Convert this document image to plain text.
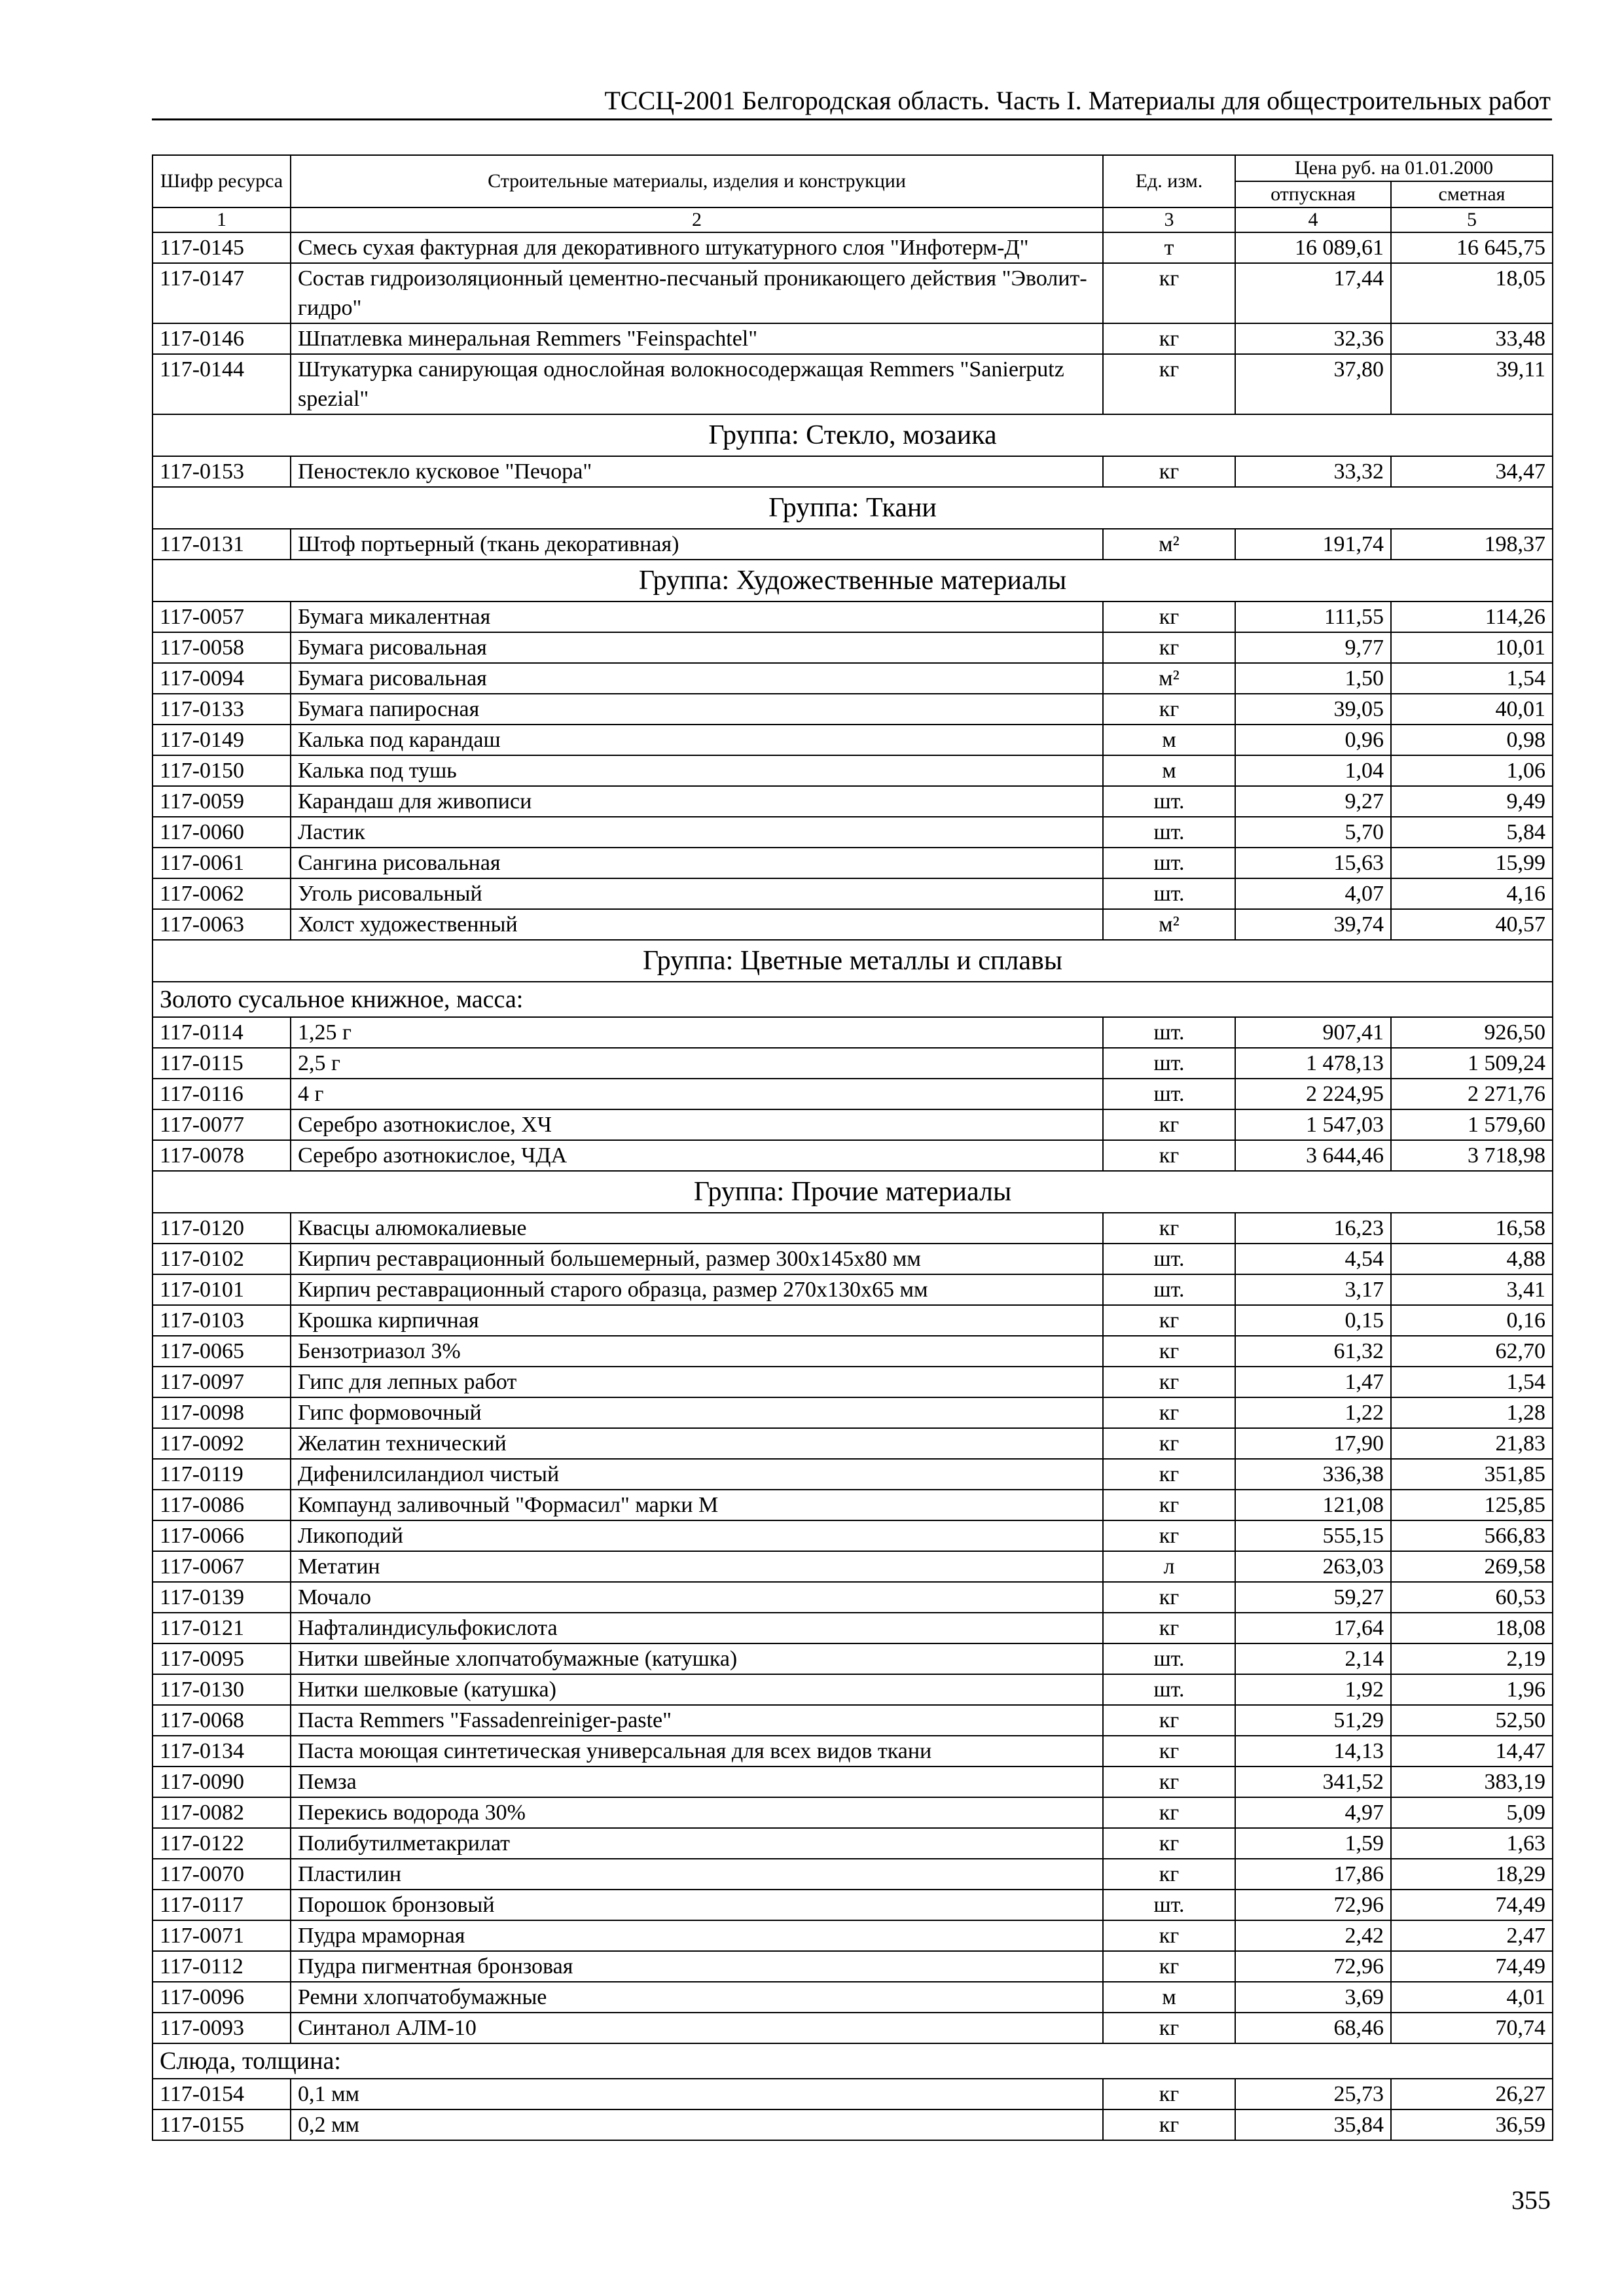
ТССЦ-2001 Белгородская область. Часть I. Материалы для общестроительных работ
Шифр ресурса	Строительные материалы, изделия и конструкции	Ед. изм.	Цена руб. на 01.01.2000	
			отпускная	сметная
1	2	3	4	5
117-0145	Смесь сухая фактурная для декоративного штукатурного слоя "Инфотерм-Д"	т	16 089,61	16 645,75
117-0147	Состав гидроизоляционный цементно-песчаный проникающего действия "Эволит-гидро"	кг	17,44	18,05
117-0146	Шпатлевка минеральная Remmers "Feinspachtel"	кг	32,36	33,48
117-0144	Штукатурка санирующая однослойная волокносодержащая Remmers "Sanierputz spezial"	кг	37,80	39,11
Группа: Стекло, мозаика				
117-0153	Пеностекло кусковое "Печора"	кг	33,32	34,47
Группа: Ткани				
117-0131	Штоф портьерный (ткань декоративная)	м²	191,74	198,37
Группа: Художественные материалы				
117-0057	Бумага микалентная	кг	111,55	114,26
117-0058	Бумага рисовальная	кг	9,77	10,01
117-0094	Бумага рисовальная	м²	1,50	1,54
117-0133	Бумага папиросная	кг	39,05	40,01
117-0149	Калька под карандаш	м	0,96	0,98
117-0150	Калька под тушь	м	1,04	1,06
117-0059	Карандаш для живописи	шт.	9,27	9,49
117-0060	Ластик	шт.	5,70	5,84
117-0061	Сангина рисовальная	шт.	15,63	15,99
117-0062	Уголь рисовальный	шт.	4,07	4,16
117-0063	Холст художественный	м²	39,74	40,57
Группа: Цветные металлы и сплавы				
Золото сусальное книжное, масса:				
117-0114	1,25 г	шт.	907,41	926,50
117-0115	2,5 г	шт.	1 478,13	1 509,24
117-0116	4 г	шт.	2 224,95	2 271,76
117-0077	Серебро азотнокислое, ХЧ	кг	1 547,03	1 579,60
117-0078	Серебро азотнокислое, ЧДА	кг	3 644,46	3 718,98
Группа: Прочие материалы				
117-0120	Квасцы алюмокалиевые	кг	16,23	16,58
117-0102	Кирпич реставрационный большемерный, размер 300х145х80 мм	шт.	4,54	4,88
117-0101	Кирпич реставрационный старого образца, размер 270х130х65 мм	шт.	3,17	3,41
117-0103	Крошка кирпичная	кг	0,15	0,16
117-0065	Бензотриазол 3%	кг	61,32	62,70
117-0097	Гипс для лепных работ	кг	1,47	1,54
117-0098	Гипс формовочный	кг	1,22	1,28
117-0092	Желатин технический	кг	17,90	21,83
117-0119	Дифенилсиландиол чистый	кг	336,38	351,85
117-0086	Компаунд заливочный "Формасил" марки М	кг	121,08	125,85
117-0066	Ликоподий	кг	555,15	566,83
117-0067	Метатин	л	263,03	269,58
117-0139	Мочало	кг	59,27	60,53
117-0121	Нафталиндисульфокислота	кг	17,64	18,08
117-0095	Нитки швейные хлопчатобумажные (катушка)	шт.	2,14	2,19
117-0130	Нитки шелковые (катушка)	шт.	1,92	1,96
117-0068	Паста Remmers "Fassadenreiniger-paste"	кг	51,29	52,50
117-0134	Паста моющая синтетическая универсальная для всех видов ткани	кг	14,13	14,47
117-0090	Пемза	кг	341,52	383,19
117-0082	Перекись водорода 30%	кг	4,97	5,09
117-0122	Полибутилметакрилат	кг	1,59	1,63
117-0070	Пластилин	кг	17,86	18,29
117-0117	Порошок бронзовый	шт.	72,96	74,49
117-0071	Пудра мраморная	кг	2,42	2,47
117-0112	Пудра пигментная бронзовая	кг	72,96	74,49
117-0096	Ремни хлопчатобумажные	м	3,69	4,01
117-0093	Синтанол АЛМ-10	кг	68,46	70,74
Слюда, толщина:				
117-0154	0,1 мм	кг	25,73	26,27
117-0155	0,2 мм	кг	35,84	36,59
355
